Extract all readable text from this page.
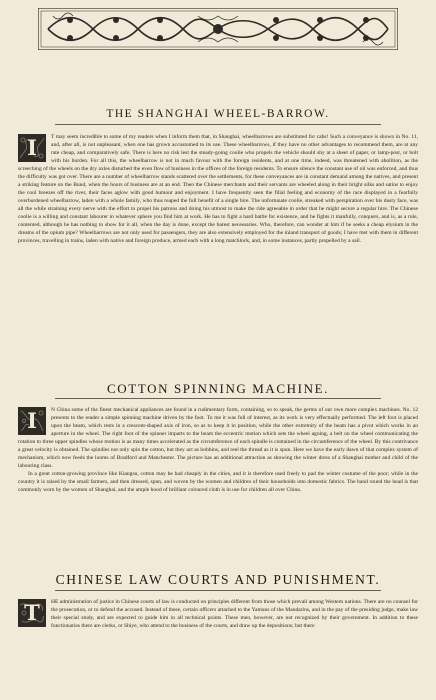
THE SHANGHAI WHEEL-BARROW.
I	T may seem incredible to some of my readers when I inform them that, in Shanghai, wheelbarrows are substituted for cabs! Such a conveyance is shown in No. 11, and, after all, is not unpleasant, when one has grown accustomed to its use. These wheelbarrows, if they have no other advantages to recommend them, are at any rate cheap, and comparatively safe. There is here no risk lest the steady-going coolie who propels the vehicle should shy at a sheet of paper, or lamp-post, or bolt with his burden. For all this, the wheelbarrow is not in much favour with the foreign residents, and at one time, indeed, was threatened with abolition, as the screeching of the wheels on the dry axles disturbed the even flow of business in the offices of the foreign residents. To ensure silence the constant use of oil was enforced, and thus the difficulty was got over. There are a number of wheelbarrow stands scattered over the settlements, for these conveyances are in constant demand among the natives, and present a striking feature on the Bund, when the hours of business are at an end. Then the Chinese merchants and their servants are wheeled along in their bright silks and satins to enjoy the cool breezes off the river, their faces aglow with good humour and enjoyment. I have frequently seen the filial feeling and economy of the race displayed in a fearfully overburdened wheelbarrow, laden with a whole family, who thus reaped the full benefit of a single hire. The unfortunate coolie, streaked with perspiration over his dusty face, was all the while straining every nerve with the effort to propel his patrons and doing his utmost to make the ride agreeable in order that he might secure a regular hire. The Chinese coolie is a willing and constant labourer in whatever sphere you find him at work. He has to fight a hard battle for existence, and he fights it manfully, conquers, and is, as a rule, contented, although he has nothing to show for it all, when the day is done, except the barest necessaries. Who, therefore, can wonder at him if he seeks a cheap elysium in the dreams of the opium pipe? Wheelbarrows are not only used for passengers, they are also extensively employed for the inland transport of goods; I have met with them in different provinces, travelling in trains, laden with native and foreign produce, armed each with a long matchlock, and, in some instances, partly propelled by a sail.

COTTON SPINNING MACHINE.
I	N China some of the finest mechanical appliances are found in a rudimentary form, containing, so to speak, the germs of our own more complex machines. No. 12 presents to the reader a simple spinning machine driven by the foot. To me it was full of interest, as its work is very effectually performed. The left foot is placed upon the beam, which rests in a crescent-shaped axis of iron, so as to keep it in position, while the other extremity of the beam has a pivot which works in an aperture in the wheel. The right foot of the spinner imparts to the beam the eccentric motion which sets the wheel agoing, a belt on the wheel communicating the rotation to three upper spindles whose motion is as many times accelerated as the circumference of each spindle is contained in the circumference of the wheel. By this contrivance a great velocity is obtained. The spindles not only spin the cotton, but they act as bobbins, and reel the thread as it is spun. Here we have the early dawn of that complex system of mechanism, which now feeds the looms of Bradford and Manchester. The picture has an additional attraction as showing the winter dress of a Shanghai mother and child of the labouring class.

In a great cotton-growing province like Kiangsu, cotton may be had cheaply in the cities, and it is therefore used freely to pad the winter costume of the poor; while in the country it is raised by the small farmers, and then dressed, spun, and woven by the women and children of their households into domestic fabrics. The band round the head is that commonly worn by the women of Shanghai, and the ample hood of brilliant coloured cloth is in use for children all over China.

CHINESE LAW COURTS AND PUNISHMENT.
T	HE administration of justice in Chinese courts of law is conducted on principles different from those which prevail among Western nations. There are no counsel for the prosecution, or to defend the accused. Instead of these, certain officers attached to the Yamuns of the Mandarins, and in the pay of the presiding judge, make law their special study, and are expected to guide him in all technical points. These men, however, are not recognized by their government. In addition to these functionaries there are clerks, or Shiye, who attend to the business of the courts, and draw up the depositions; but there
